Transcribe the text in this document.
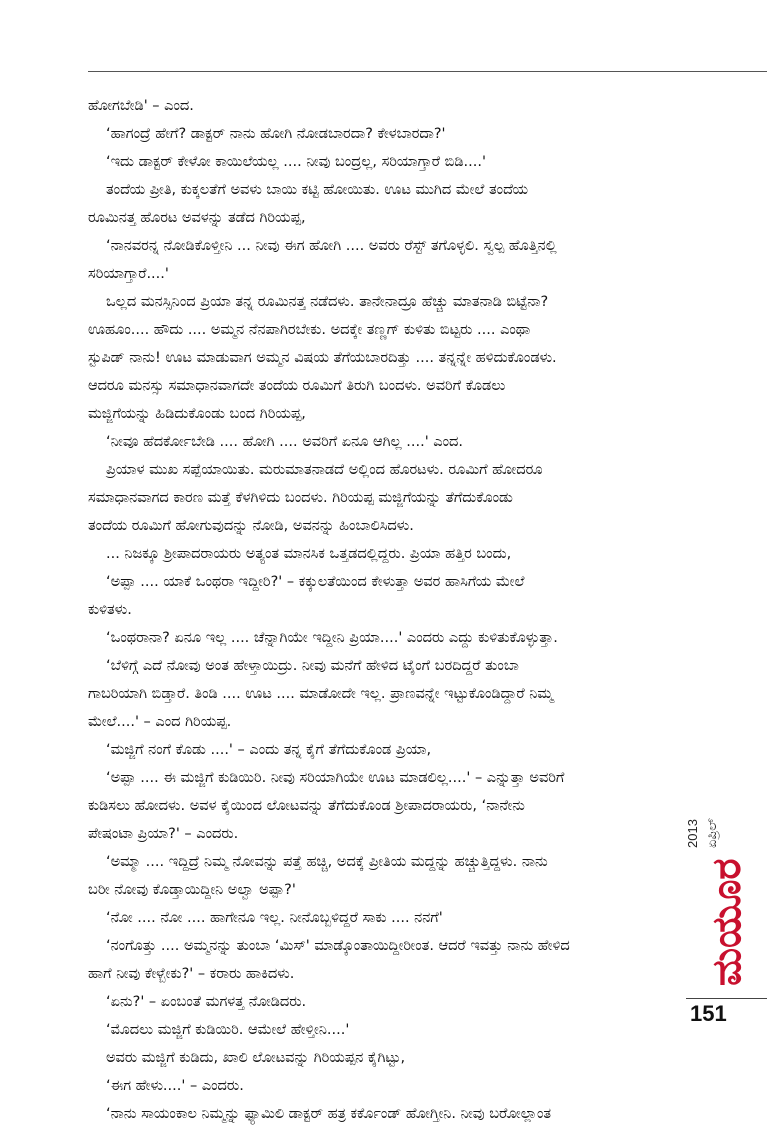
ಹೋಗಬೇಡಿ' – ಎಂದ.
‘ಹಾಗಂದ್ರೆ ಹೇಗೆ? ಡಾಕ್ಟರ್ ನಾನು ಹೋಗಿ ನೋಡಬಾರದಾ? ಕೇಳಬಾರದಾ?'
‘ಇದು ಡಾಕ್ಟರ್ ಕೇಳೋ ಕಾಯಿಲೆಯಲ್ಲ .... ನೀವು ಬಂದ್ರಲ್ಲ, ಸರಿಯಾಗ್ತಾರೆ ಬಿಡಿ....'
ತಂದೆಯ ಪ್ರೀತಿ, ಕುಕ್ಕಲತೆಗೆ ಅವಳು ಬಾಯಿ ಕಟ್ಟಿ ಹೋಯಿತು. ಊಟ ಮುಗಿದ ಮೇಲೆ ತಂದೆಯ
ರೂಮಿನತ್ತ ಹೊರಟ ಅವಳನ್ನು ತಡೆದ ಗಿರಿಯಪ್ಪ,
‘ನಾನವರನ್ನ ನೋಡಿಕೊಳ್ತೀನಿ ... ನೀವು ಈಗ ಹೋಗಿ .... ಅವರು ರೆಸ್ಟ್ ತಗೊಳ್ಳಲಿ. ಸ್ವಲ್ಪ ಹೊತ್ತಿನಲ್ಲಿ
ಸರಿಯಾಗ್ತಾರೆ....'
ಒಲ್ಲದ ಮನಸ್ಸಿನಿಂದ ಪ್ರಿಯಾ ತನ್ನ ರೂಮಿನತ್ತ ನಡೆದಳು. ತಾನೇನಾದ್ರೂ ಹೆಚ್ಚು ಮಾತನಾಡಿ ಬಿಟ್ಟೆನಾ?
ಊಹೂಂ.... ಹೌದು .... ಅಮ್ಮನ ನೆನಪಾಗಿರಬೇಕು. ಅದಕ್ಕೇ ತಣ್ಣಗ್ ಕುಳಿತು ಬಿಟ್ಟರು .... ಎಂಥಾ
ಸ್ಟುಪಿಡ್ ನಾನು! ಊಟ ಮಾಡುವಾಗ ಅಮ್ಮನ ವಿಷಯ ತೆಗೆಯಬಾರದಿತ್ತು .... ತನ್ನನ್ನೇ ಹಳಿದುಕೊಂಡಳು.
ಆದರೂ ಮನಸ್ಸು ಸಮಾಧಾನವಾಗದೇ ತಂದೆಯ ರೂಮಿಗೆ ತಿರುಗಿ ಬಂದಳು. ಅವರಿಗೆ ಕೊಡಲು
ಮಜ್ಜಿಗೆಯನ್ನು ಹಿಡಿದುಕೊಂಡು ಬಂದ ಗಿರಿಯಪ್ಪ,
‘ನೀವೂ ಹೆದರ್ಕೋಬೇಡಿ .... ಹೋಗಿ .... ಅವರಿಗೆ ಏನೂ ಆಗಿಲ್ಲ ....' ಎಂದ.
ಪ್ರಿಯಾಳ ಮುಖ ಸಪ್ಪೆಯಾಯಿತು. ಮರುಮಾತನಾಡದೆ ಅಲ್ಲಿಂದ ಹೊರಟಳು. ರೂಮಿಗೆ ಹೋದರೂ
ಸಮಾಧಾನವಾಗದ ಕಾರಣ ಮತ್ತೆ ಕೆಳಗಿಳಿದು ಬಂದಳು. ಗಿರಿಯಪ್ಪ ಮಜ್ಜಿಗೆಯನ್ನು ತೆಗೆದುಕೊಂಡು
ತಂದೆಯ ರೂಮಿಗೆ ಹೋಗುವುದನ್ನು ನೋಡಿ, ಅವನನ್ನು ಹಿಂಬಾಲಿಸಿದಳು.
... ನಿಜಕ್ಕೂ ಶ್ರೀಪಾದರಾಯರು ಅತ್ಯಂತ ಮಾನಸಿಕ ಒತ್ತಡದಲ್ಲಿದ್ದರು. ಪ್ರಿಯಾ ಹತ್ತಿರ ಬಂದು,
‘ಅಪ್ಪಾ .... ಯಾಕೆ ಒಂಥರಾ ಇದ್ದೀರಿ?' – ಕಕ್ಕುಲತೆಯಿಂದ ಕೇಳುತ್ತಾ ಅವರ ಹಾಸಿಗೆಯ ಮೇಲೆ
ಕುಳಿತಳು.
‘ಒಂಥರಾನಾ? ಏನೂ ಇಲ್ಲ .... ಚೆನ್ನಾಗಿಯೇ ಇದ್ದೀನಿ ಪ್ರಿಯಾ....' ಎಂದರು ಎದ್ದು ಕುಳಿತುಕೊಳ್ಳುತ್ತಾ.
‘ಬೆಳಿಗ್ಗೆ ಎದೆ ನೋವು ಅಂತ ಹೇಳ್ತಾಯಿದ್ರು. ನೀವು ಮನೆಗೆ ಹೇಳಿದ ಟೈಂಗೆ ಬರದಿದ್ದರೆ ತುಂಬಾ
ಗಾಬರಿಯಾಗಿ ಬಿಡ್ತಾರೆ. ತಿಂಡಿ .... ಊಟ .... ಮಾಡೋದೇ ಇಲ್ಲ. ಪ್ರಾಣವನ್ನೇ ಇಟ್ಟುಕೊಂಡಿದ್ದಾರೆ ನಿಮ್ಮ
ಮೇಲೆ....' – ಎಂದ ಗಿರಿಯಪ್ಪ.
‘ಮಜ್ಜಿಗೆ ನಂಗೆ ಕೊಡು ....' – ಎಂದು ತನ್ನ ಕೈಗೆ ತೆಗೆದುಕೊಂಡ ಪ್ರಿಯಾ,
‘ಅಪ್ಪಾ .... ಈ ಮಜ್ಜಿಗೆ ಕುಡಿಯಿರಿ. ನೀವು ಸರಿಯಾಗಿಯೇ ಊಟ ಮಾಡಲಿಲ್ಲ....' – ಎನ್ನುತ್ತಾ ಅವರಿಗೆ
ಕುಡಿಸಲು ಹೋದಳು. ಅವಳ ಕೈಯಿಂದ ಲೋಟವನ್ನು ತೆಗೆದುಕೊಂಡ ಶ್ರೀಪಾದರಾಯರು, ‘ನಾನೇನು
ಪೇಷಂಟಾ ಪ್ರಿಯಾ?' – ಎಂದರು.
‘ಅಮ್ಮಾ .... ಇದ್ದಿದ್ರೆ ನಿಮ್ಮ ನೋವನ್ನು ಪತ್ತೆ ಹಚ್ಚಿ, ಅದಕ್ಕೆ ಪ್ರೀತಿಯ ಮದ್ದನ್ನು ಹಚ್ಚುತ್ತಿದ್ದಳು. ನಾನು
ಬರೀ ನೋವು ಕೊಡ್ತಾಯಿದ್ದೀನಿ ಅಲ್ವಾ ಅಪ್ಪಾ?'
‘ನೋ .... ನೋ .... ಹಾಗೇನೂ ಇಲ್ಲ. ನೀನೊಬ್ಬಳಿದ್ದರೆ ಸಾಕು .... ನನಗೆ'
‘ನಂಗೊತ್ತು .... ಅಮ್ಮನನ್ನು ತುಂಬಾ ‘ಮಿಸ್' ಮಾಡ್ಕೊಂತಾಯಿದ್ದೀರೀಂತ. ಆದರೆ ಇವತ್ತು ನಾನು ಹೇಳಿದ
ಹಾಗೆ ನೀವು ಕೇಳ್ಬೇಕು?' – ಕರಾರು ಹಾಕಿದಳು.
‘ಏನು?' – ಏಂಬಂತೆ ಮಗಳತ್ತ ನೋಡಿದರು.
‘ಮೊದಲು ಮಜ್ಜಿಗೆ ಕುಡಿಯಿರಿ. ಆಮೇಲೆ ಹೇಳ್ತೀನಿ....'
ಅವರು ಮಜ್ಜಿಗೆ ಕುಡಿದು, ಖಾಲಿ ಲೋಟವನ್ನು ಗಿರಿಯಪ್ಪನ ಕೈಗಿಟ್ಟು,
‘ಈಗ ಹೇಳು....' – ಎಂದರು.
‘ನಾನು ಸಾಯಂಕಾಲ ನಿಮ್ಮನ್ನು ಫ್ಯಾಮಿಲಿ ಡಾಕ್ಟರ್ ಹತ್ರ ಕರ್ಕೊಂಡ್ ಹೋಗ್ತೀನಿ. ನೀವು ಬರೋಲ್ಲಾಂತ
2013 ಏಪ್ರಿಲ್
ಮಯೂರ
151
